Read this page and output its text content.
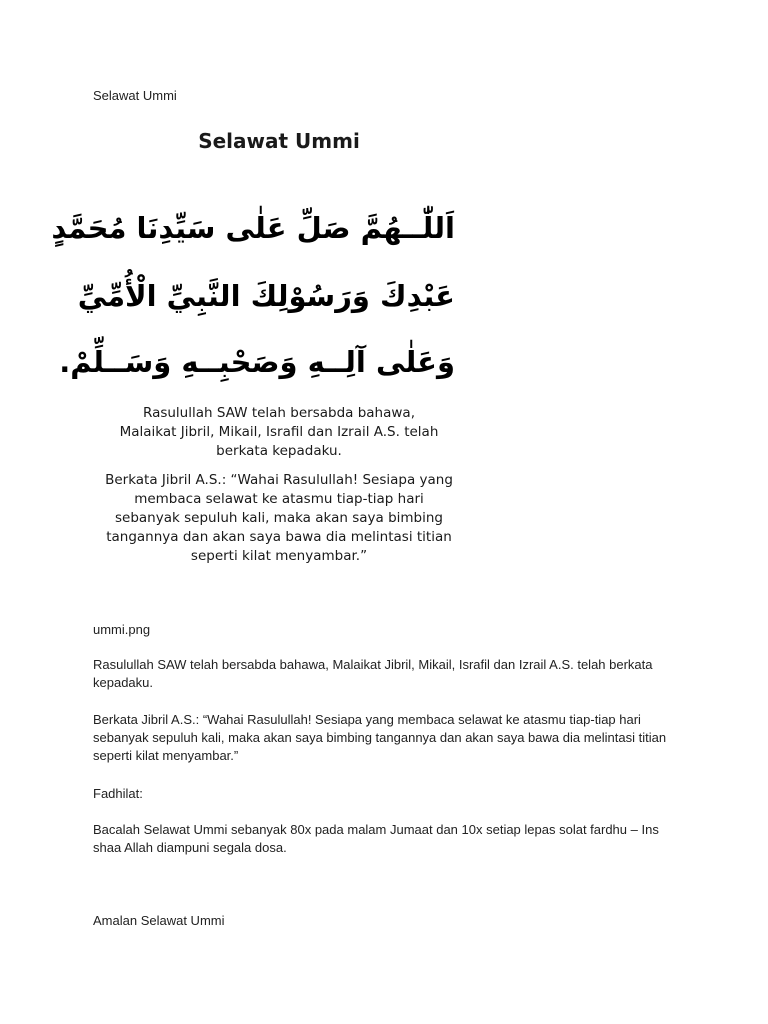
Selawat Ummi
Selawat Ummi
اَللّٰــهُمَّ صَلِّ عَلٰى سَيِّدِنَا مُحَمَّدٍ
عَبْدِكَ وَرَسُوْلِكَ النَّبِيِّ الْأُمِّيِّ
وَعَلٰى آلِــهِ وَصَحْبِــهِ وَسَــلِّمْ.
Rasulullah SAW telah bersabda bahawa, Malaikat Jibril, Mikail, Israfil dan Izrail A.S. telah berkata kepadaku.
Berkata Jibril A.S.: “Wahai Rasulullah! Sesiapa yang membaca selawat ke atasmu tiap-tiap hari sebanyak sepuluh kali, maka akan saya bimbing tangannya dan akan saya bawa dia melintasi titian seperti kilat menyambar.”
ummi.png
Rasulullah SAW telah bersabda bahawa, Malaikat Jibril, Mikail, Israfil dan Izrail A.S. telah berkata kepadaku.
Berkata Jibril A.S.: “Wahai Rasulullah! Sesiapa yang membaca selawat ke atasmu tiap-tiap hari sebanyak sepuluh kali, maka akan saya bimbing tangannya dan akan saya bawa dia melintasi titian seperti kilat menyambar.”
Fadhilat:
Bacalah Selawat Ummi sebanyak 80x pada malam Jumaat dan 10x setiap lepas solat fardhu – Ins shaa Allah diampuni segala dosa.
Amalan Selawat Ummi
